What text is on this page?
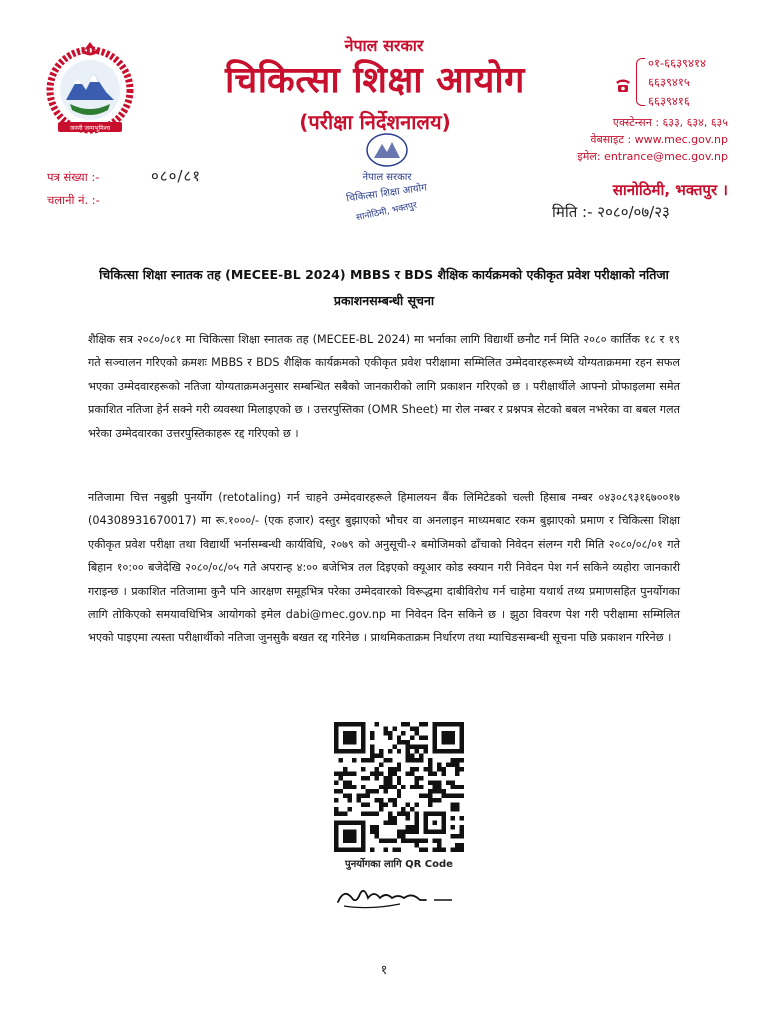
जननी जन्मभूमिश्च
नेपाल सरकार
चिकित्सा शिक्षा आयोग
(परीक्षा निर्देशनालय)
०१-६६३९४१४
६६३९४१५
६६३९४१६
एक्स्टेन्सन : ६३३, ६३४, ६३५
वेबसाइट : www.mec.gov.np
इमेल: entrance@mec.gov.np
सानोठिमी, भक्तपुर ।
मिति :- २०८०/०७/२३
पत्र संख्या :-	०८०/८१
चलानी नं. :-
नेपाल सरकार
चिकित्सा शिक्षा आयोग
सानोठिमी, भक्तपुर
चिकित्सा शिक्षा स्नातक तह (MECEE-BL 2024) MBBS र BDS शैक्षिक कार्यक्रमको एकीकृत प्रवेश परीक्षाको नतिजा प्रकाशनसम्बन्धी सूचना
शैक्षिक सत्र २०८०/०८१ मा चिकित्सा शिक्षा स्नातक तह (MECEE-BL 2024) मा भर्नाका लागि विद्यार्थी छनौट गर्न मिति २०८० कार्तिक १८ र १९ गते सञ्चालन गरिएको क्रमशः MBBS र BDS शैक्षिक कार्यक्रमको एकीकृत प्रवेश परीक्षामा सम्मिलित उम्मेदवारहरूमध्ये योग्यताक्रममा रहन सफल भएका उम्मेदवारहरूको नतिजा योग्यताक्रमअनुसार सम्बन्धित सबैको जानकारीको लागि प्रकाशन गरिएको छ । परीक्षार्थीले आफ्नो प्रोफाइलमा समेत प्रकाशित नतिजा हेर्न सक्ने गरी व्यवस्था मिलाइएको छ । उत्तरपुस्तिका (OMR Sheet) मा रोल नम्बर र प्रश्नपत्र सेटको बबल नभरेका वा बबल गलत भरेका उम्मेदवारका उत्तरपुस्तिकाहरू रद्द गरिएको छ ।
नतिजामा चित्त नबुझी पुनर्योग (retotaling) गर्न चाहने उम्मेदवारहरूले हिमालयन बैंक लिमिटेडको चल्ती हिसाब नम्बर ०४३०८९३१६७००१७ (04308931670017) मा रू.१०००/- (एक हजार) दस्तुर बुझाएको भौचर वा अनलाइन माध्यमबाट रकम बुझाएको प्रमाण र चिकित्सा शिक्षा एकीकृत प्रवेश परीक्षा तथा विद्यार्थी भर्नासम्बन्धी कार्यविधि, २०७९ को अनुसूची-२ बमोजिमको ढाँचाको निवेदन संलग्न गरी मिति २०८०/०८/०१ गते बिहान १०:०० बजेदेखि २०८०/०८/०५ गते अपरान्ह ४:०० बजेभित्र तल दिइएको क्यूआर कोड स्क्यान गरी निवेदन पेश गर्न सकिने व्यहोरा जानकारी गराइन्छ । प्रकाशित नतिजामा कुनै पनि आरक्षण समूहभित्र परेका उम्मेदवारको विरूद्धमा दाबीविरोध गर्न चाहेमा यथार्थ तथ्य प्रमाणसहित पुनर्योगका लागि तोकिएको समयावधिभित्र आयोगको इमेल dabi@mec.gov.np मा निवेदन दिन सकिने छ । झुठा विवरण पेश गरी परीक्षामा सम्मिलित भएको पाइएमा त्यस्ता परीक्षार्थीको नतिजा जुनसुकै बखत रद्द गरिनेछ । प्राथमिकताक्रम निर्धारण तथा म्याचिङसम्बन्धी सूचना पछि प्रकाशन गरिनेछ ।
पुनर्योगका लागि QR Code
१
